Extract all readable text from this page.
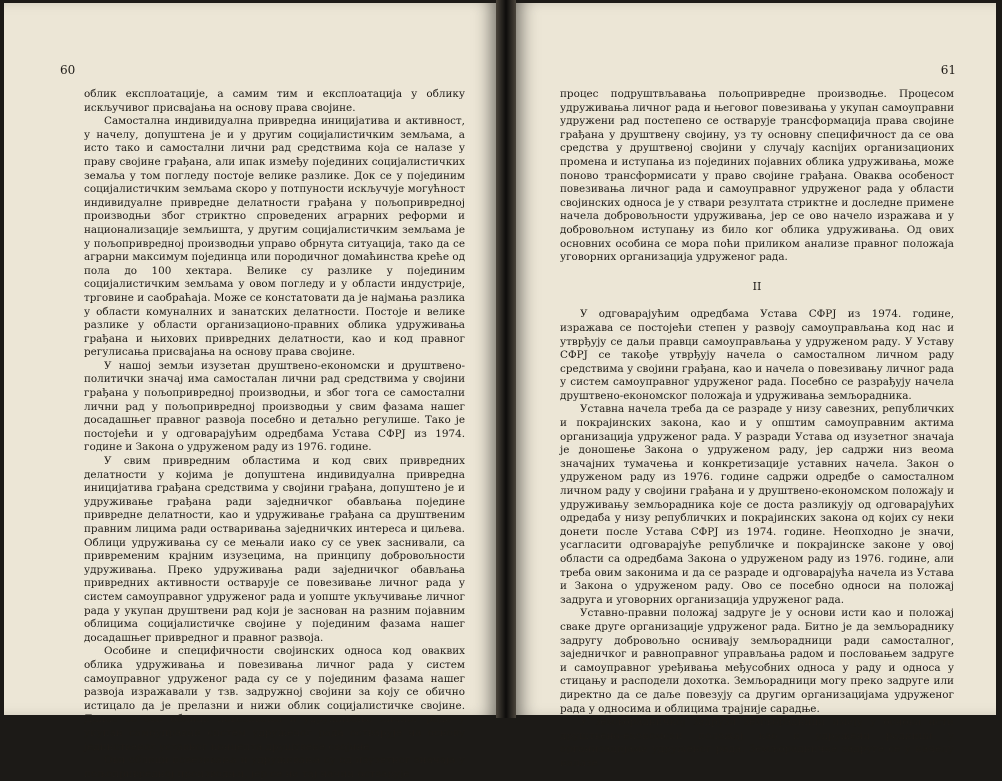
60

облик експлоатације, а самим тим и експлоатација у облику искључивог присвајања на основу права својине.

Самостална индивидуална привредна иницијатива и активност, у начелу, допуштена је и у другим социјалистичким земљама, а исто тако и самостални лични рад средствима која се налазе у праву својине грађана, али ипак између појединих социјалистичких земаља у том погледу постоје велике разлике. Док се у појединим социјалистичким земљама скоро у потпуности искључује могућност индивидуалне привредне делатности грађана у пољопривредној производњи због стриктно спроведених аграрних реформи и национализације земљишта, у другим социјалистичким земљама је у пољопривредној производњи управо обрнута ситуација, тако да се аграрни максимум појединца или породичног домаћинства креће од пола до 100 хектара. Велике су разлике у појединим социјалистичким земљама у овом погледу и у области индустрије, трговине и саобраћаја. Може се констатовати да је најмања разлика у области комуналних и занатских делатности. Постоје и велике разлике у области организационо-правних облика удруживања грађана и њихових привредних делатности, као и код правног регулисања присвајања на основу права својине.

У нашој земљи изузетан друштвено-економски и друштвено-политички значај има самосталан лични рад средствима у својини грађана у пољопривредној производњи, и због тога се самостални лични рад у пољопривредној производњи у свим фазама нашег досадашњег правног развоја посебно и детаљно регулише. Тако је постојећи и у одговарајућим одредбама Устава СФРЈ из 1974. године и Закона о удруженом раду из 1976. године.

У свим привредним областима и код свих привредних делатности у којима је допуштена индивидуална привредна иницијатива грађана средствима у својини грађана, допуштено је и удруживање грађана ради заједничког обављања појединe привредне делатности, као и удруживање грађана са друштвеним правним лицима ради остваривања заједничких интереса и циљева. Облици удруживања су се мењали иако су се увек заснивали, са привременим крајним изузецима, на принципу добровољности удруживања. Преко удруживања ради заједничког обављања привредних активности остварује се повезивање личног рада у систем самоуправног удруженог рада и уопште укључивање личног рада у укупан друштвени рад који је заснован на разним појавним облицима социјалистичке својине у појединим фазама нашег досадашњег привредног и правног развоја.

Особине и специфичности својинских односа код оваквих облика удруживања и повезивања личног рада у систем самоуправног удруженог рада су се у појединим фазама нашег развоја изражавали у тзв. задружној својини за коју се обично истицало да је прелазни и нижи облик социјалистичке својине. Данас се ови облици повезивања и удруживања личног рада у укупан самоуправни систем удруженог рада остварује на основу јединственог уставног концепта друштвене својине.

Ови облици повезивања и удруживања су од изузетног значаја у пољопривредној производњи, јер се на тај начин остварује

61

процес подруштвљавања пољопривредне производње. Процесом удруживања личног рада и његовог повезивања у укупан самоуправни удружени рад постепено се остварује трансформација права својине грађана у друштвену својину, уз ту основну специфичност да се ова средства у друштвеној својини у случају касnijих организационих промена и иступања из појединих појавних облика удруживања, може поново трансформисати у право својине грађана. Оваква особеност повезивања личног рада и самоуправног удруженог рада у области својинских односа је у ствари резултата стриктне и доследне примене начела добровољности удруживања, јер се ово начело изражава и у добровољном иступању из било ког облика удруживања. Од ових основних особина се мора поћи приликом анализе правног положаја уговорних организација удруженог рада.

II

У одговарајућим одредбама Устава СФРЈ из 1974. године, изражава се постојећи степен у развоју самоуправљања код нас и утврђују се даљи правци самоуправљања у удруженом раду. У Уставу СФРЈ се такође утврђују начела о самосталном личном раду средствима у својини грађана, као и начела о повезивању личног рада у систем самоуправног удруженог рада. Посебно се разрађују начела друштвено-економског положаја и удруживања земљорадника.

Уставна начела треба да се разраде у низу савезних, републичких и покрајинских закона, као и у општим самоуправним актима организација удруженог рада. У разради Устава од изузетног значаја је доношење Закона о удруженом раду, јер садржи низ веома значајних тумачења и конкретизације уставних начела. Закон о удруженом раду из 1976. године садржи одредбе о самосталном личном раду у својини грађана и у друштвено-економском положају и удруживању земљорадника које се доста разликују од одговарајућих одредаба у низу републичких и покрајинских закона од којих су неки донети после Устава СФРЈ из 1974. године. Неопходно је значи, усагласити одговарајуће републичке и покрајинске законе у овој области са одредбама Закона о удруженом раду из 1976. године, али треба овим законима и да се разраде и одговарајућа начела из Устава и Закона о удруженом раду. Ово се посебно односи на положај задруга и уговорних организација удруженог рада.

Уставно-правни положај задруге је у основи исти као и положај сваке друге организације удруженог рада. Битно је да земљораднику задругу добровољно оснивају земљорадници ради самосталног, заједничког и равноправног управљања радом и пословањем задруге и самоуправног уређивања међусобних односа у раду и односа у стицању и расподели дохотка. Земљорадници могу преко задруге или директно да се даље повезују са другим организацијама удруженог рада у односима и облицима трајније сарадње.

У земљорадничкој задрузи земљорадници имају у основи исти друштвено-економски положај као и удружени радници у организацијама удруженог рада. Земљорадничке задруге се у начелу налазе
